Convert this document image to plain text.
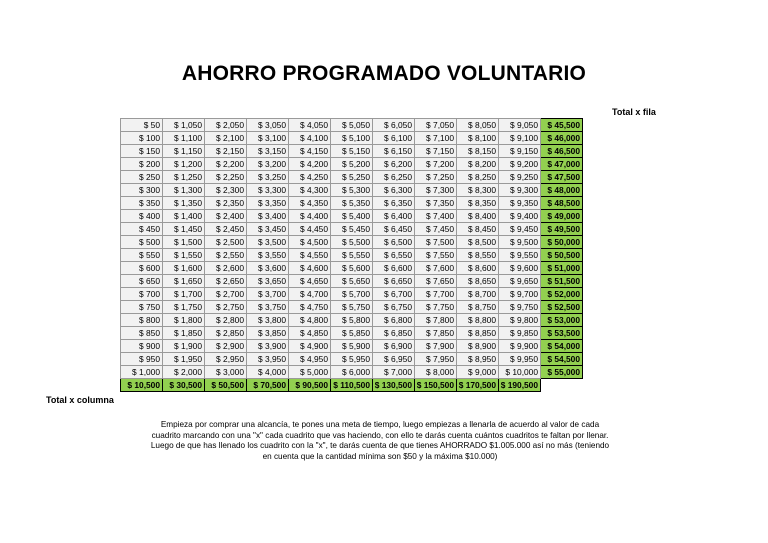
AHORRO PROGRAMADO VOLUNTARIO
Total x fila
Total x columna
$ 50	$ 1,050	$ 2,050	$ 3,050	$ 4,050	$ 5,050	$ 6,050	$ 7,050	$ 8,050	$ 9,050	$ 45,500
$ 100	$ 1,100	$ 2,100	$ 3,100	$ 4,100	$ 5,100	$ 6,100	$ 7,100	$ 8,100	$ 9,100	$ 46,000
$ 150	$ 1,150	$ 2,150	$ 3,150	$ 4,150	$ 5,150	$ 6,150	$ 7,150	$ 8,150	$ 9,150	$ 46,500
$ 200	$ 1,200	$ 2,200	$ 3,200	$ 4,200	$ 5,200	$ 6,200	$ 7,200	$ 8,200	$ 9,200	$ 47,000
$ 250	$ 1,250	$ 2,250	$ 3,250	$ 4,250	$ 5,250	$ 6,250	$ 7,250	$ 8,250	$ 9,250	$ 47,500
$ 300	$ 1,300	$ 2,300	$ 3,300	$ 4,300	$ 5,300	$ 6,300	$ 7,300	$ 8,300	$ 9,300	$ 48,000
$ 350	$ 1,350	$ 2,350	$ 3,350	$ 4,350	$ 5,350	$ 6,350	$ 7,350	$ 8,350	$ 9,350	$ 48,500
$ 400	$ 1,400	$ 2,400	$ 3,400	$ 4,400	$ 5,400	$ 6,400	$ 7,400	$ 8,400	$ 9,400	$ 49,000
$ 450	$ 1,450	$ 2,450	$ 3,450	$ 4,450	$ 5,450	$ 6,450	$ 7,450	$ 8,450	$ 9,450	$ 49,500
$ 500	$ 1,500	$ 2,500	$ 3,500	$ 4,500	$ 5,500	$ 6,500	$ 7,500	$ 8,500	$ 9,500	$ 50,000
$ 550	$ 1,550	$ 2,550	$ 3,550	$ 4,550	$ 5,550	$ 6,550	$ 7,550	$ 8,550	$ 9,550	$ 50,500
$ 600	$ 1,600	$ 2,600	$ 3,600	$ 4,600	$ 5,600	$ 6,600	$ 7,600	$ 8,600	$ 9,600	$ 51,000
$ 650	$ 1,650	$ 2,650	$ 3,650	$ 4,650	$ 5,650	$ 6,650	$ 7,650	$ 8,650	$ 9,650	$ 51,500
$ 700	$ 1,700	$ 2,700	$ 3,700	$ 4,700	$ 5,700	$ 6,700	$ 7,700	$ 8,700	$ 9,700	$ 52,000
$ 750	$ 1,750	$ 2,750	$ 3,750	$ 4,750	$ 5,750	$ 6,750	$ 7,750	$ 8,750	$ 9,750	$ 52,500
$ 800	$ 1,800	$ 2,800	$ 3,800	$ 4,800	$ 5,800	$ 6,800	$ 7,800	$ 8,800	$ 9,800	$ 53,000
$ 850	$ 1,850	$ 2,850	$ 3,850	$ 4,850	$ 5,850	$ 6,850	$ 7,850	$ 8,850	$ 9,850	$ 53,500
$ 900	$ 1,900	$ 2,900	$ 3,900	$ 4,900	$ 5,900	$ 6,900	$ 7,900	$ 8,900	$ 9,900	$ 54,000
$ 950	$ 1,950	$ 2,950	$ 3,950	$ 4,950	$ 5,950	$ 6,950	$ 7,950	$ 8,950	$ 9,950	$ 54,500
$ 1,000	$ 2,000	$ 3,000	$ 4,000	$ 5,000	$ 6,000	$ 7,000	$ 8,000	$ 9,000	$ 10,000	$ 55,000
$ 10,500	$ 30,500	$ 50,500	$ 70,500	$ 90,500	$ 110,500	$ 130,500	$ 150,500	$ 170,500	$ 190,500	
Empieza por comprar una alcancía, te pones una meta de tiempo, luego empiezas a llenarla de acuerdo al valor de cada
cuadrito marcando con una "x" cada cuadrito que vas haciendo, con ello te darás cuenta cuántos cuadritos te faltan por llenar.
Luego de que has llenado los cuadrito con la "x", te darás cuenta de que tienes AHORRADO $1.005.000 así no más (teniendo
en cuenta que la cantidad mínima son $50 y la máxima $10.000)
